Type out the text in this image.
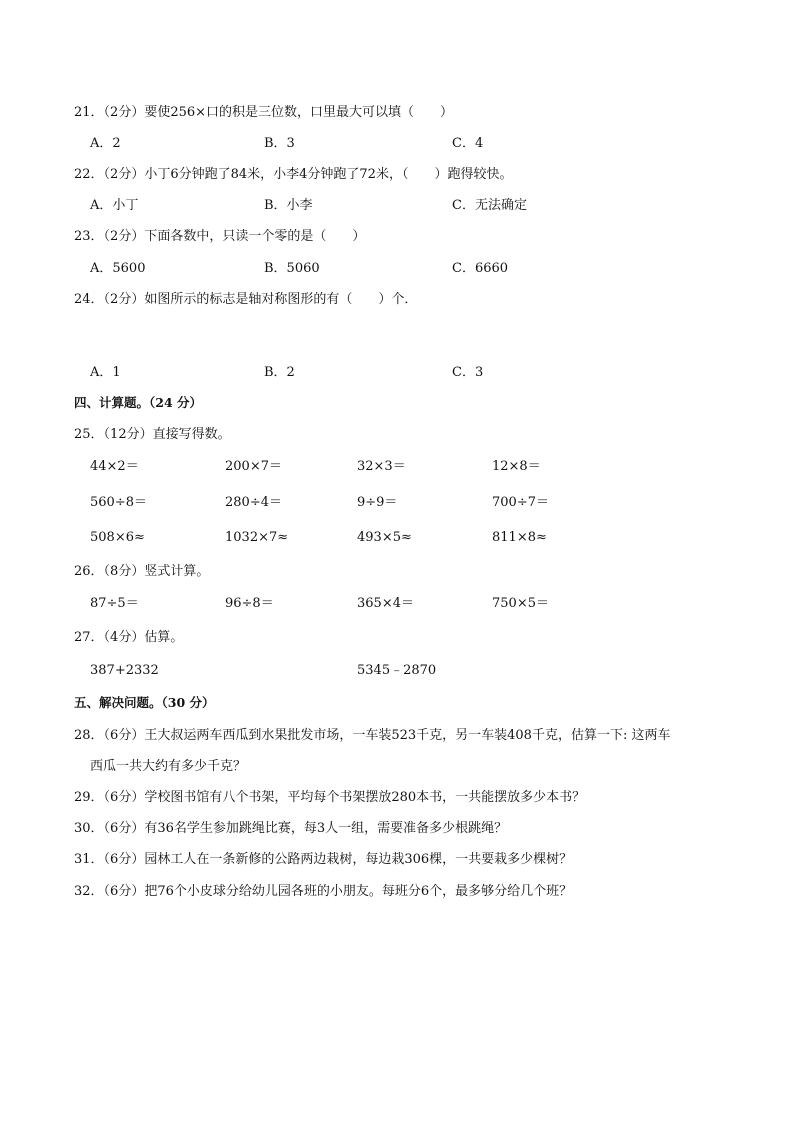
21．（2分）要使256×口的积是三位数，口里最大可以填（　　）
A．2	B．3	C．4
22．（2分）小丁6分钟跑了84米，小李4分钟跑了72米，（　　）跑得较快。
A．小丁	B．小李	C．无法确定
23．（2分）下面各数中，只读一个零的是（　　）
A．5600	B．5060	C．6660
24．（2分）如图所示的标志是轴对称图形的有（　　）个．
A．1	B．2	C．3
四、计算题。（24 分）
25．（12分）直接写得数。
44×2＝	200×7＝	32×3＝	12×8＝
560÷8＝	280÷4＝	9÷9＝	700÷7＝
508×6≈	1032×7≈	493×5≈	811×8≈
26．（8分）竖式计算。
87÷5＝	96÷8＝	365×4＝	750×5＝
27．（4分）估算。
387+2332	5345﹣2870
五、解决问题。（30 分）
28．（6分）王大叔运两车西瓜到水果批发市场，一车装523千克，另一车装408千克，估算一下: 这两车
西瓜一共大约有多少千克？
29．（6分）学校图书馆有八个书架，平均每个书架摆放280本书，一共能摆放多少本书？
30．（6分）有36名学生参加跳绳比赛，每3人一组，需要准备多少根跳绳？
31．（6分）园林工人在一条新修的公路两边栽树，每边栽306棵，一共要栽多少棵树？
32．（6分）把76个小皮球分给幼儿园各班的小朋友。每班分6个，最多够分给几个班？
